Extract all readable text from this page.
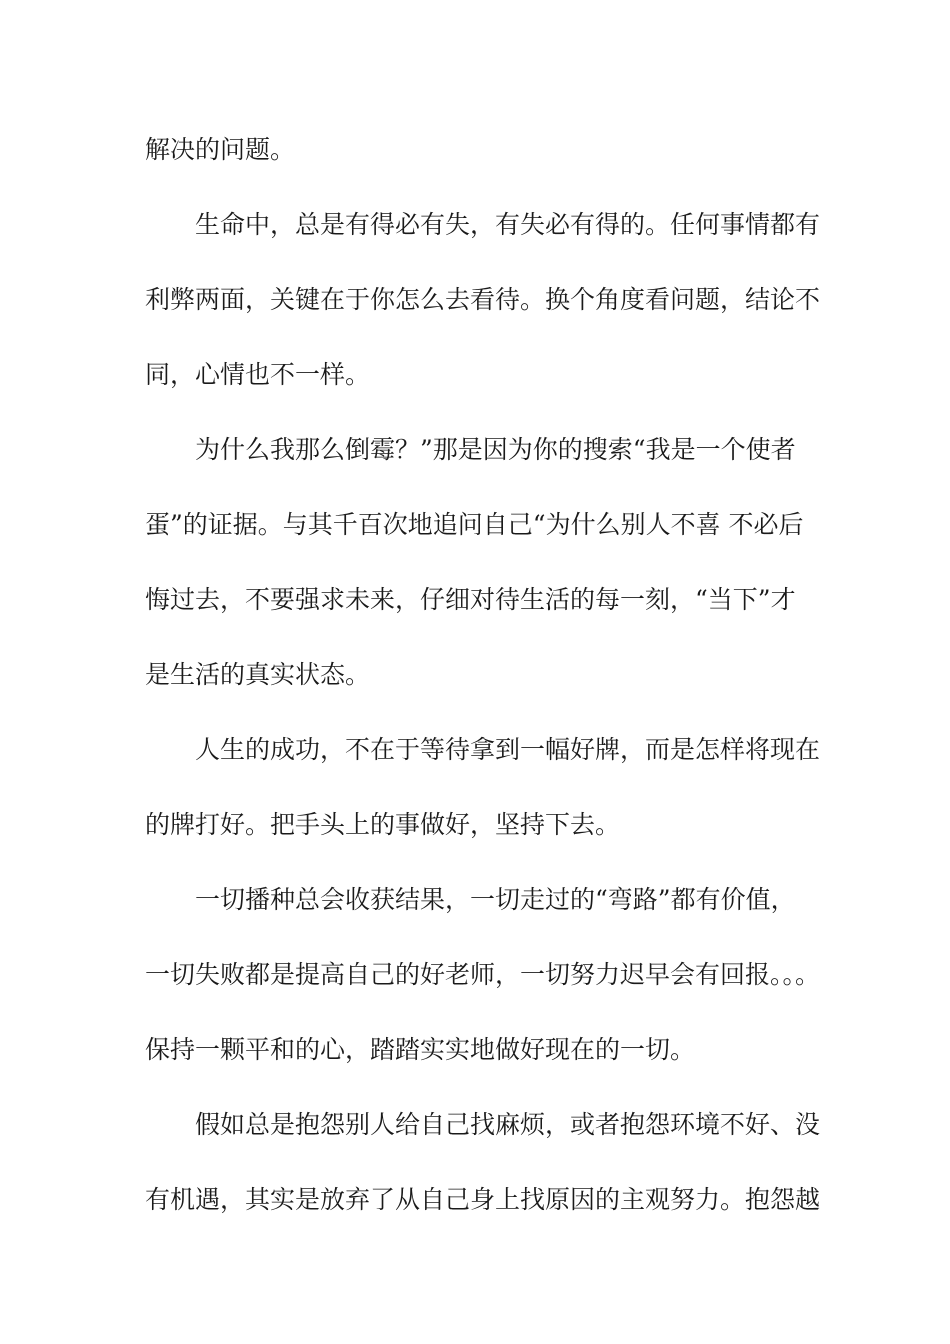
解决的问题。

　　生命中，总是有得必有失，有失必有得的。任何事情都有

利弊两面，关键在于你怎么去看待。换个角度看问题，结论不

同，心情也不一样。

　　为什么我那么倒霉？”那是因为你的搜索“我是一个使者

蛋”的证据。与其千百次地追问自己“为什么别人不喜 不必后

悔过去，不要强求未来，仔细对待生活的每一刻，“当下”才

是生活的真实状态。

　　人生的成功，不在于等待拿到一幅好牌，而是怎样将现在

的牌打好。把手头上的事做好，坚持下去。

　　一切播种总会收获结果，一切走过的“弯路”都有价值，

一切失败都是提高自己的好老师，一切努力迟早会有回报。。。

保持一颗平和的心，踏踏实实地做好现在的一切。

　　假如总是抱怨别人给自己找麻烦，或者抱怨环境不好、没

有机遇，其实是放弃了从自己身上找原因的主观努力。抱怨越
